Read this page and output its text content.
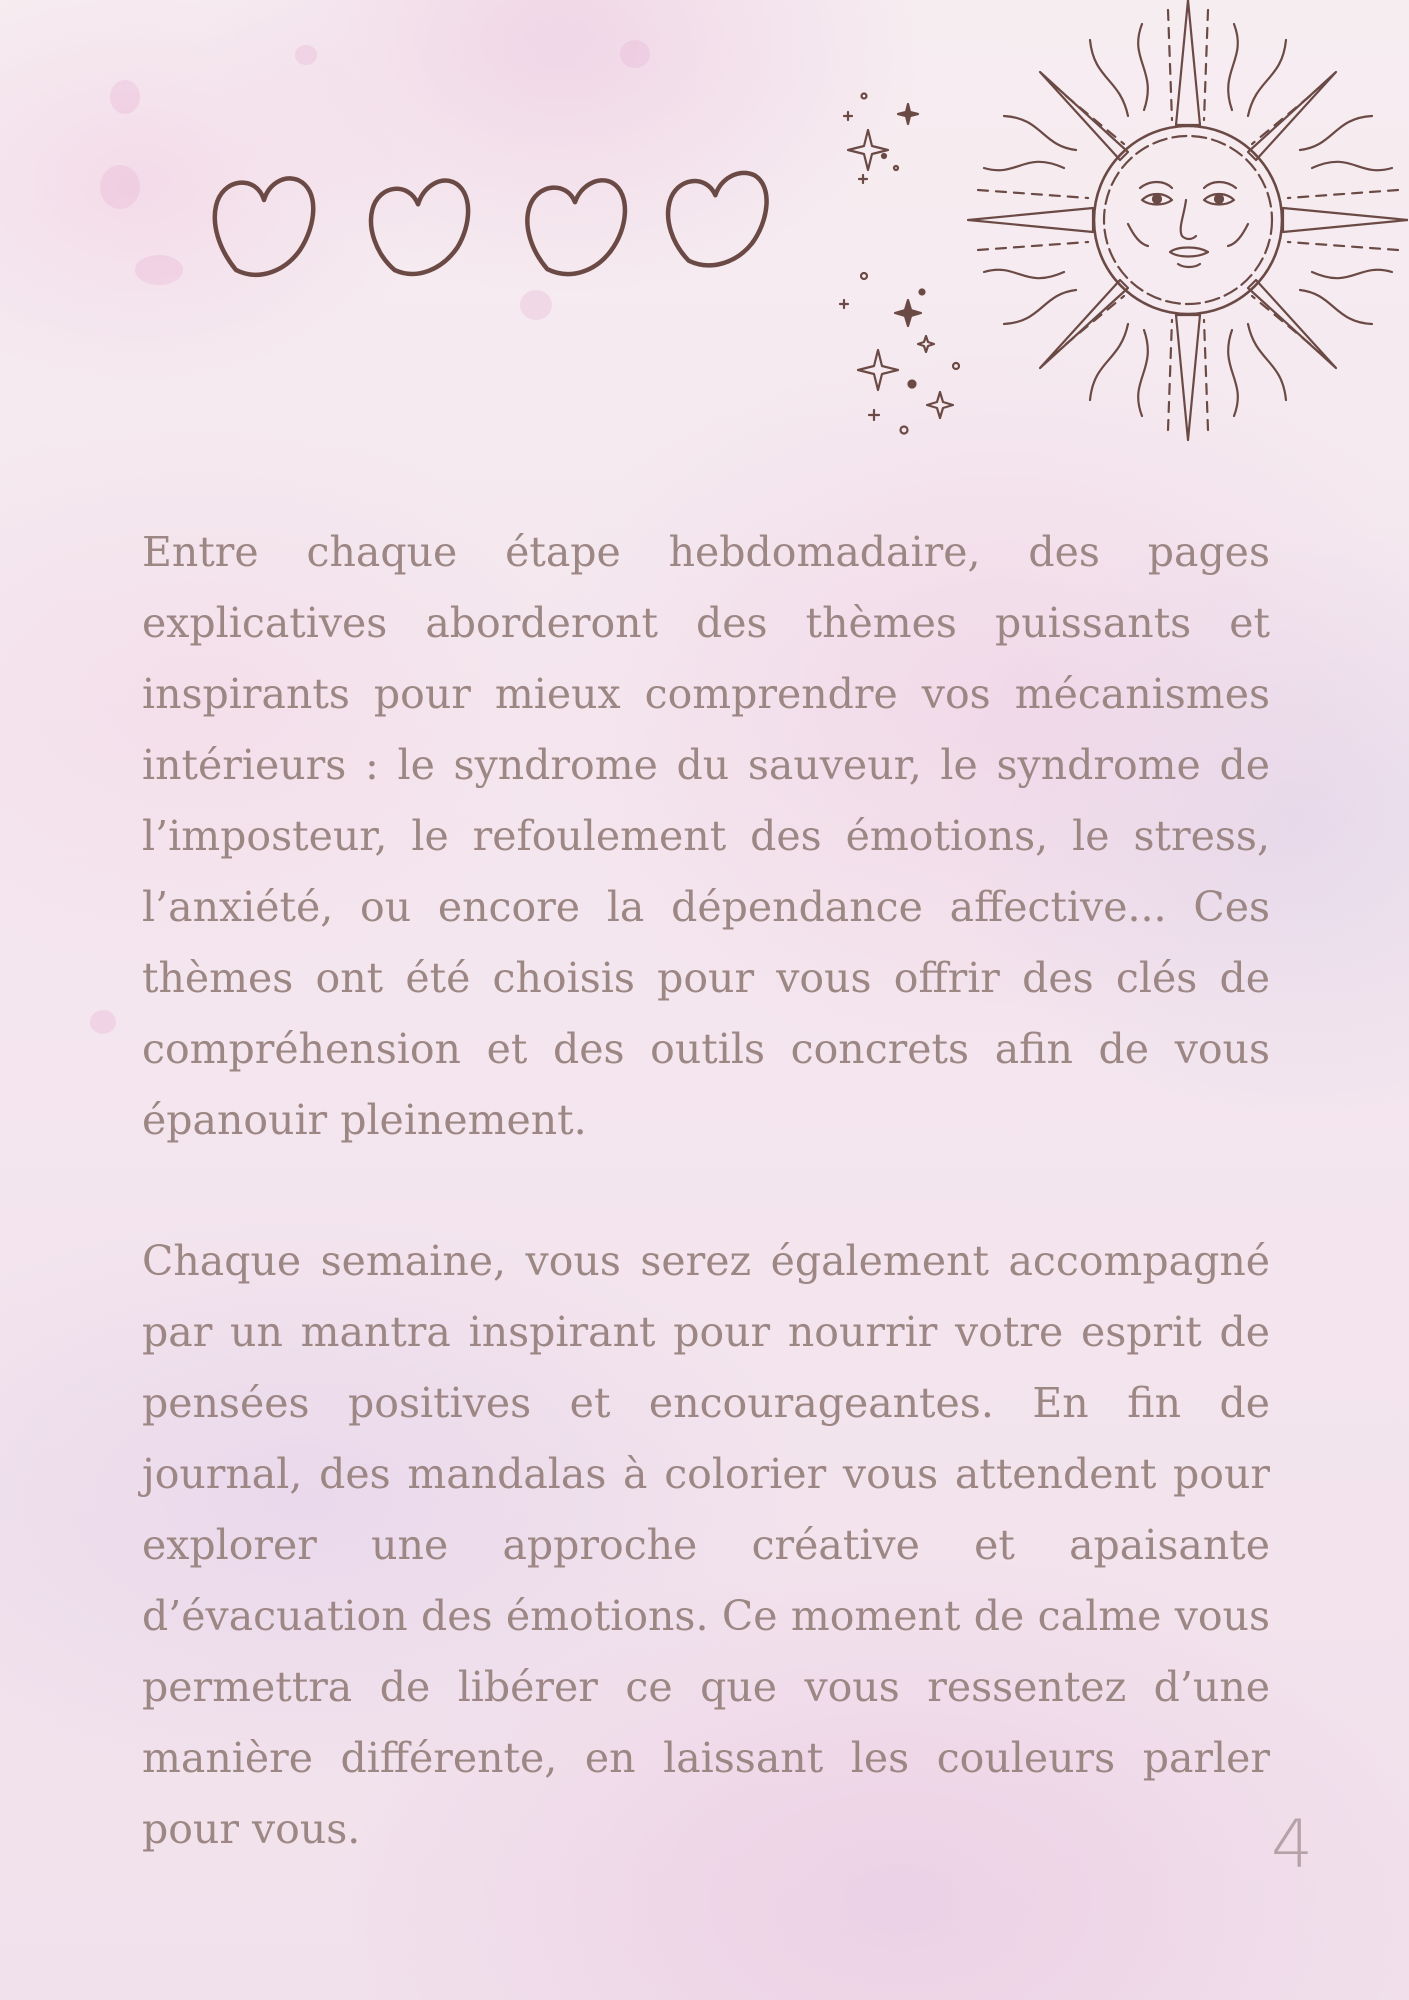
Entre chaque étape hebdomadaire, des pages explicatives aborderont des thèmes puissants et inspirants pour mieux comprendre vos mécanismes intérieurs : le syndrome du sauveur, le syndrome de l’imposteur, le refoulement des émotions, le stress, l’anxiété, ou encore la dépendance affective... Ces thèmes ont été choisis pour vous offrir des clés de compréhension et des outils concrets afin de vous épanouir pleinement.

Chaque semaine, vous serez également accompagné par un mantra inspirant pour nourrir votre esprit de pensées positives et encourageantes. En fin de journal, des mandalas à colorier vous attendent pour explorer une approche créative et apaisante d’évacuation des émotions. Ce moment de calme vous permettra de libérer ce que vous ressentez d’une manière différente, en laissant les couleurs parler pour vous.	4
